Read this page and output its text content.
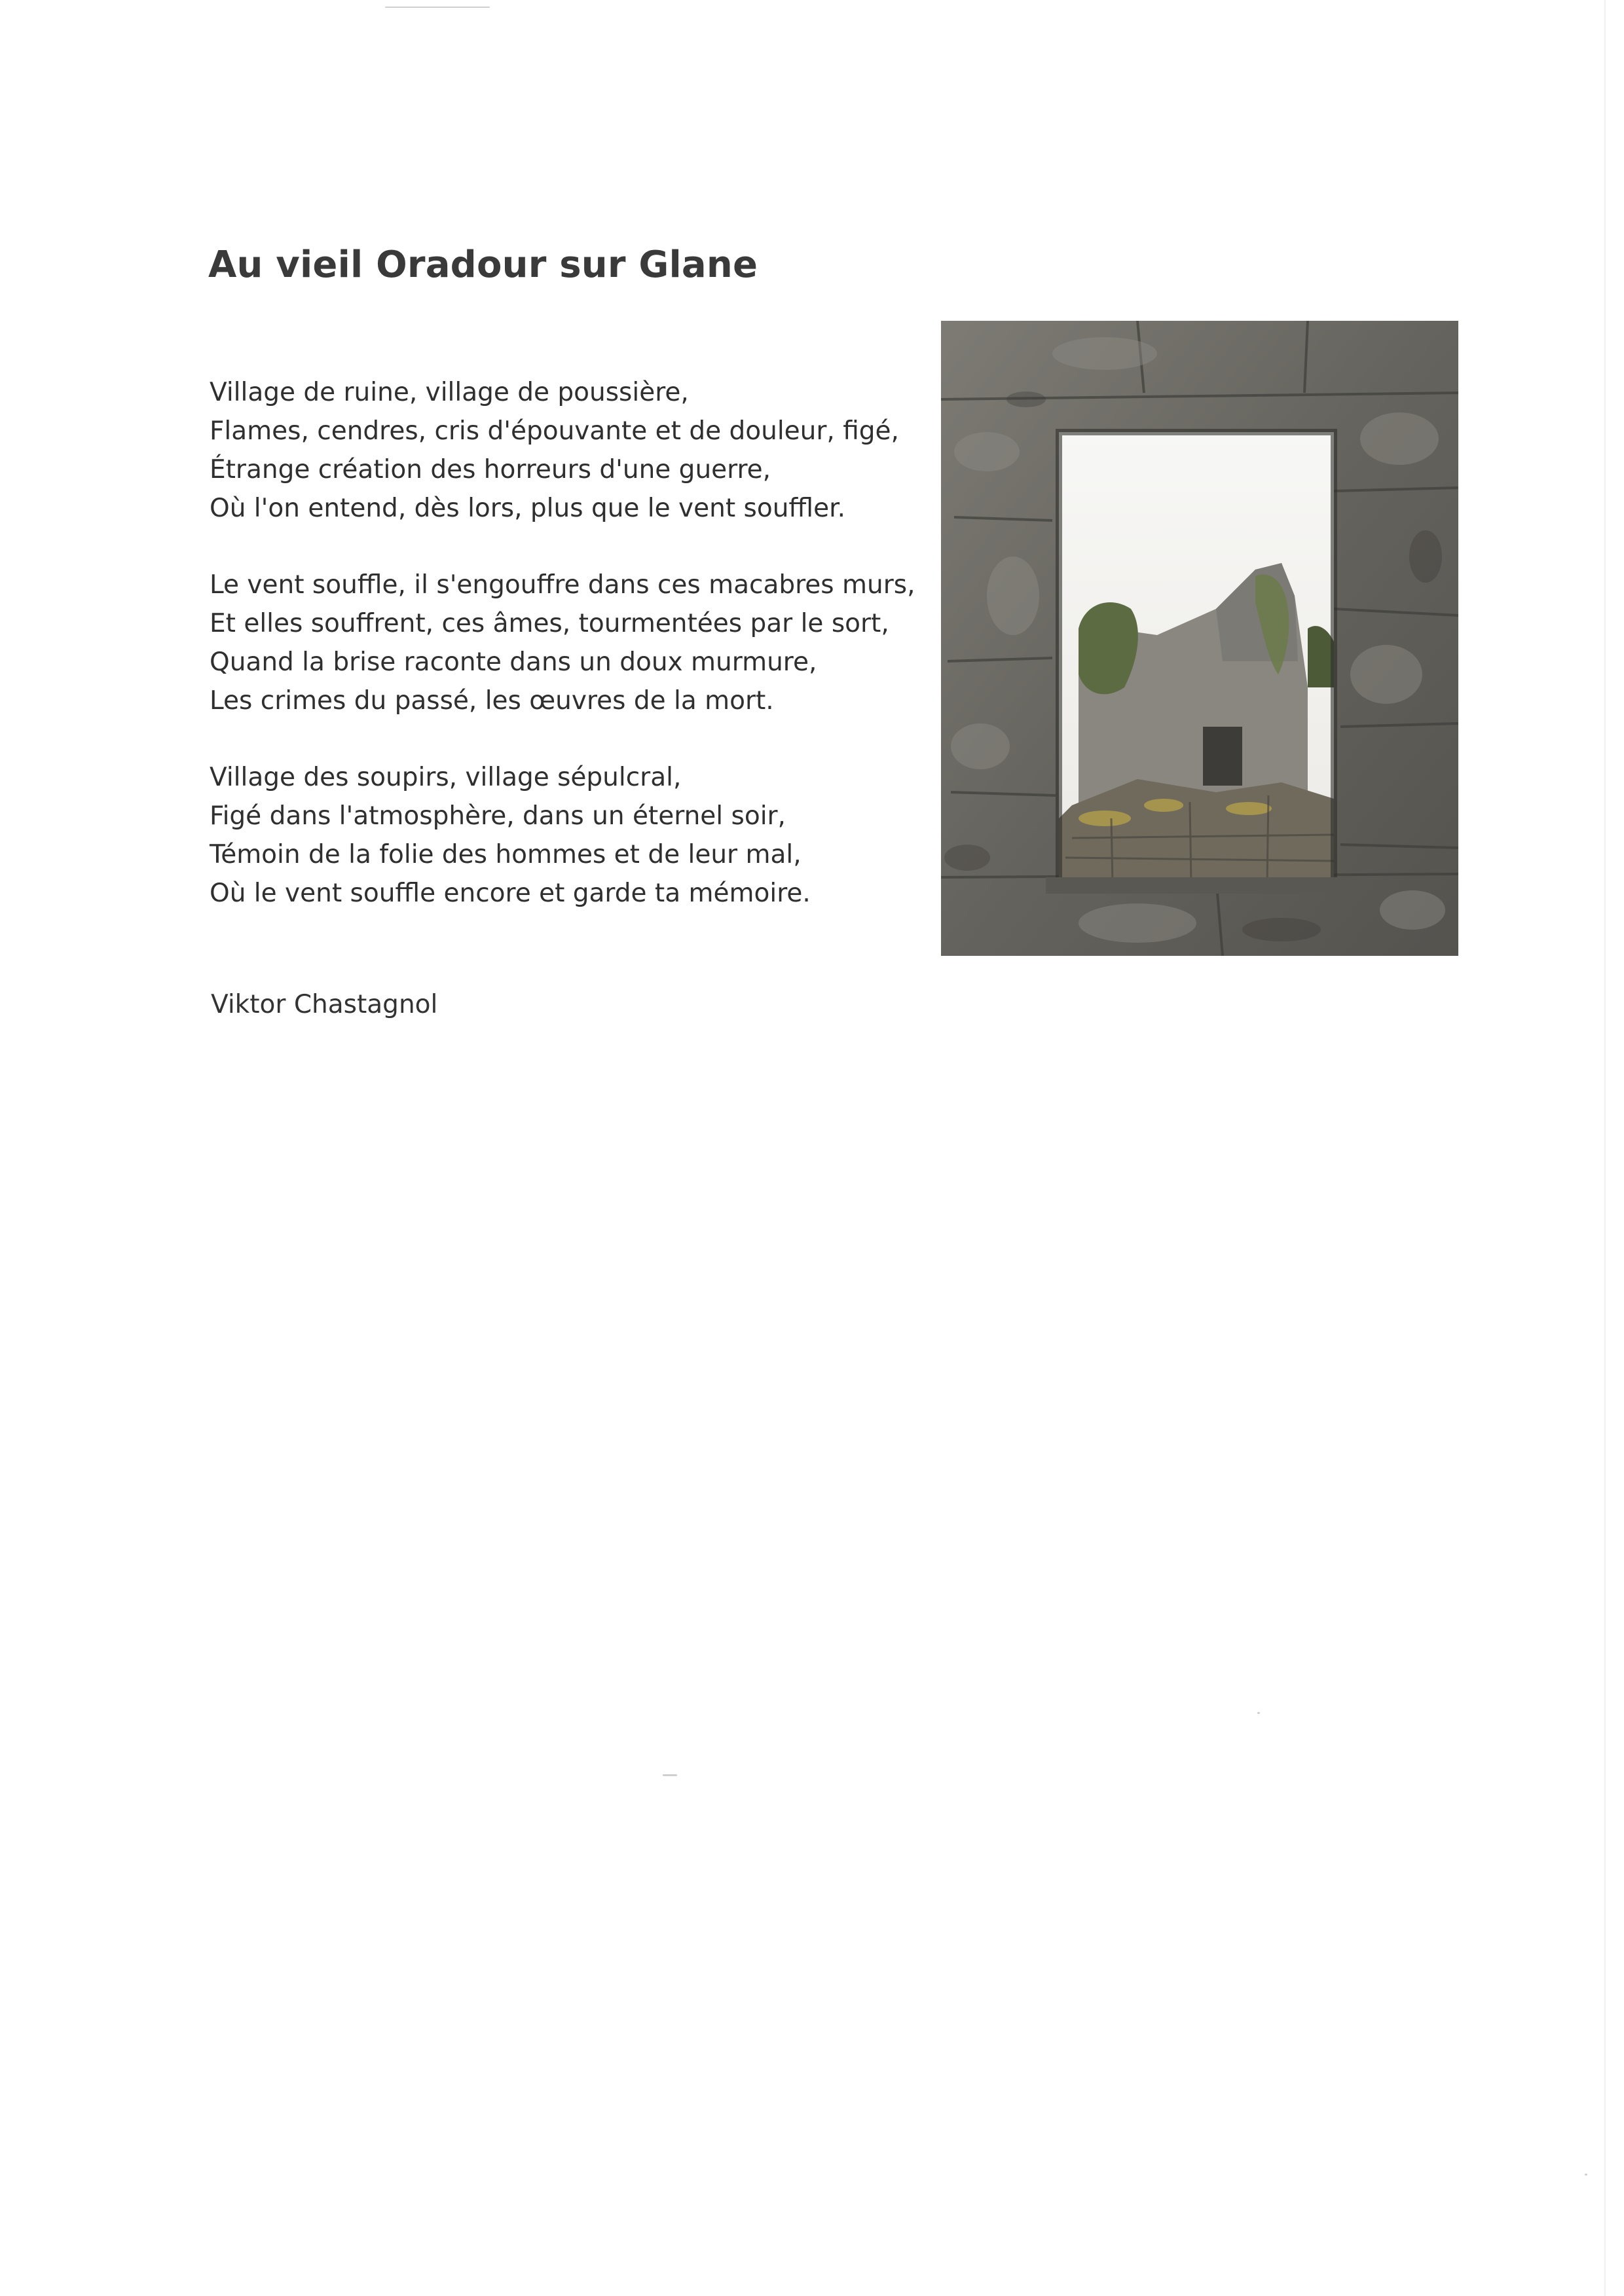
Au vieil Oradour sur Glane
Village de ruine, village de poussière,
Flames, cendres, cris d'épouvante et de douleur, figé,
Étrange création des horreurs d'une guerre,
Où l'on entend, dès lors, plus que le vent souffler.
Le vent souffle, il s'engouffre dans ces macabres murs,
Et elles souffrent, ces âmes, tourmentées par le sort,
Quand la brise raconte dans un doux murmure,
Les crimes du passé, les œuvres de la mort.
Village des soupirs, village sépulcral,
Figé dans l'atmosphère, dans un éternel soir,
Témoin de la folie des hommes et de leur mal,
Où le vent souffle encore et garde ta mémoire.
Viktor Chastagnol
